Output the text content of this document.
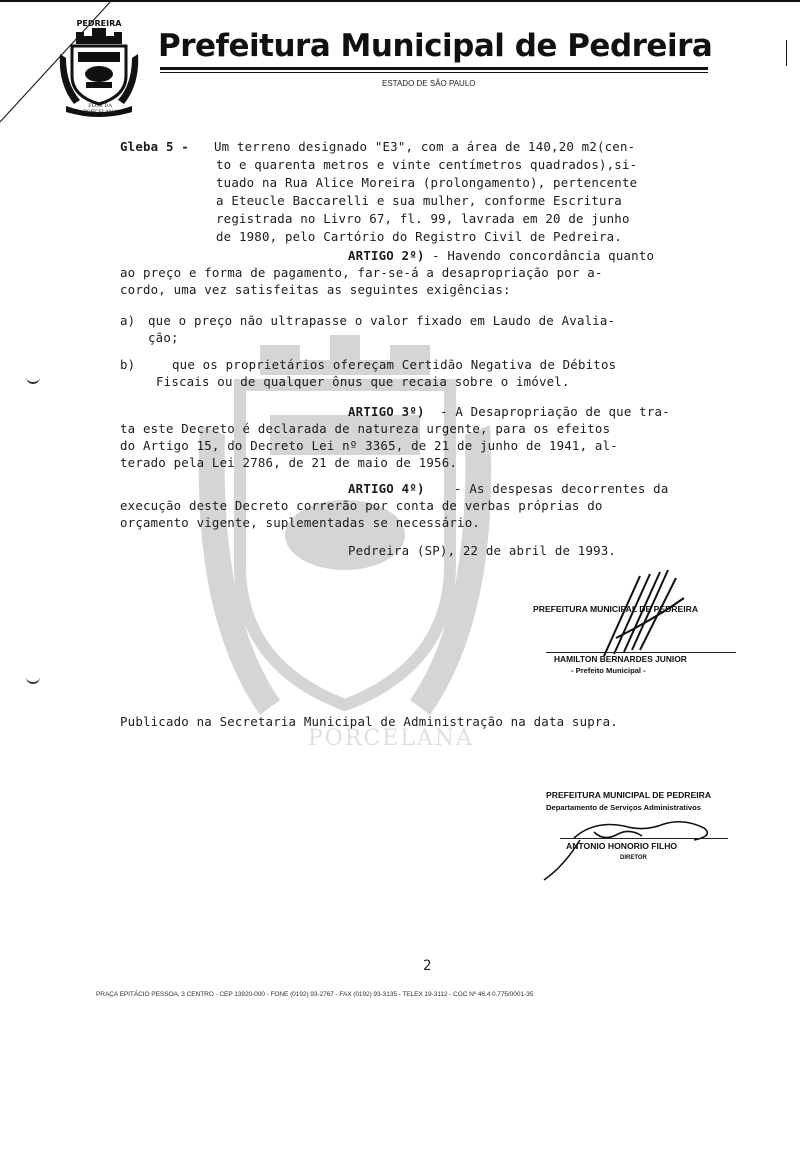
PEDREIRA
FLOR DA
PORCELANA
Prefeitura Municipal de Pedreira
ESTADO DE SÃO PAULO
PORCELANA
Gleba 5 - Um terreno designado "E3", com a área de 140,20 m2(cen-
to e quarenta metros e vinte centímetros quadrados),si-
tuado na Rua Alice Moreira (prolongamento), pertencente
a Eteucle Baccarelli e sua mulher, conforme Escritura
registrada no Livro 67, fl. 99, lavrada em 20 de junho
de 1980, pelo Cartório do Registro Civil de Pedreira.
ARTIGO 2º) - Havendo concordância quanto
ao preço e forma de pagamento, far-se-á a desapropriação por a-
cordo, uma vez satisfeitas as seguintes exigências:
a) que o preço não ultrapasse o valor fixado em Laudo de Avalia-
ção;
b)	que os proprietários ofereçam Certidão Negativa de Débitos
Fiscais ou de qualquer ônus que recaia sobre o imóvel.
ARTIGO 3º) - A Desapropriação de que tra-
ta este Decreto é declarada de natureza urgente, para os efeitos
do Artigo 15, do Decreto Lei nº 3365, de 21 de junho de 1941, al-
terado pela Lei 2786, de 21 de maio de 1956.
ARTIGO 4º) - As despesas decorrentes da
execução deste Decreto correrão por conta de verbas próprias do
orçamento vigente, suplementadas se necessário.
Pedreira (SP), 22 de abril de 1993.
PREFEITURA MUNICIPAL DE PEDREIRA
HAMILTON BERNARDES JUNIOR
- Prefeito Municipal -
Publicado na Secretaria Municipal de Administração na data supra.
PREFEITURA MUNICIPAL DE PEDREIRA
Departamento de Serviços Administrativos
ANTONIO HONORIO FILHO
DIRETOR
2
PRAÇA EPITÁCIO PESSOA, 3 CENTRO - CEP 13920-000 - FONE (0192) 93-2767 - FAX (0192) 93-3135 - TELEX 19-3112 - CGC Nº 46.4 0.775/0001-35
